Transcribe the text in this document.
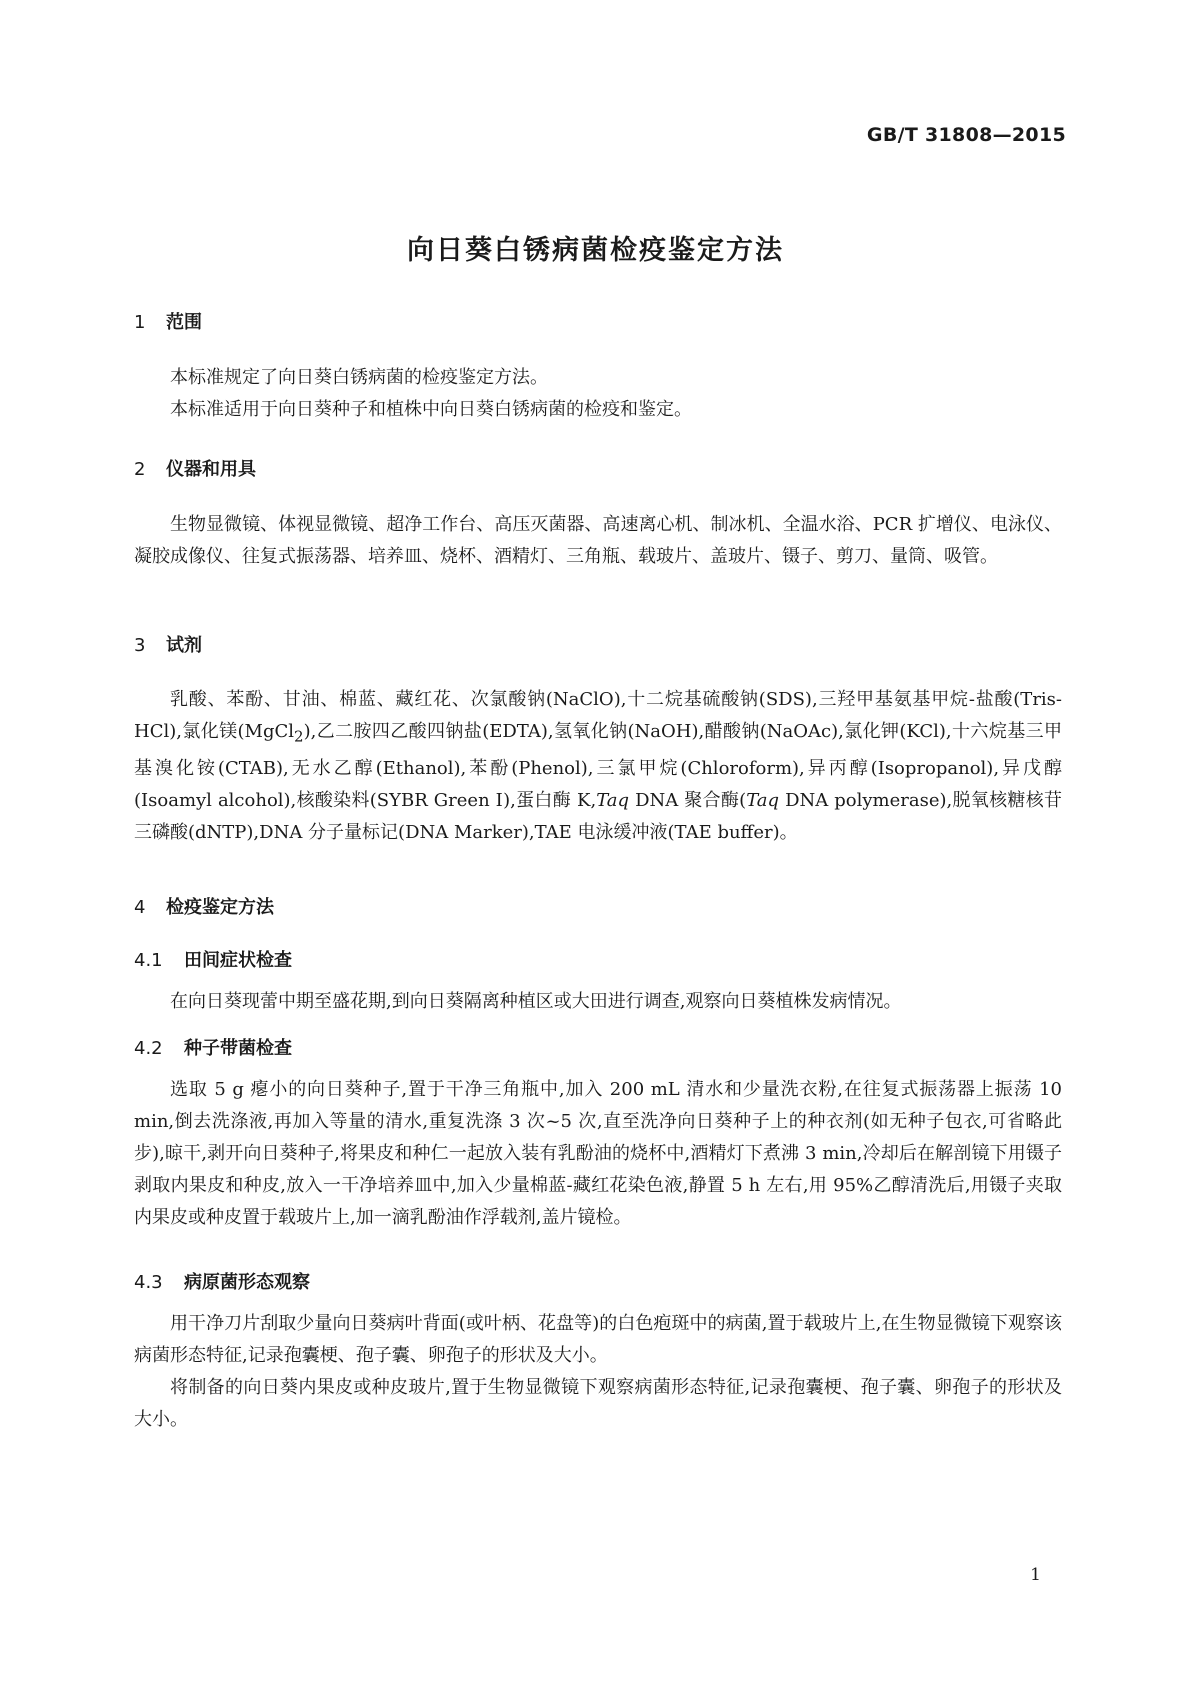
GB/T 31808—2015
向日葵白锈病菌检疫鉴定方法
1 范围

本标准规定了向日葵白锈病菌的检疫鉴定方法。

本标准适用于向日葵种子和植株中向日葵白锈病菌的检疫和鉴定。

2 仪器和用具

生物显微镜、体视显微镜、超净工作台、高压灭菌器、高速离心机、制冰机、全温水浴、PCR 扩增仪、电泳仪、凝胶成像仪、往复式振荡器、培养皿、烧杯、酒精灯、三角瓶、载玻片、盖玻片、镊子、剪刀、量筒、吸管。

3 试剂

乳酸、苯酚、甘油、棉蓝、藏红花、次氯酸钠(NaClO),十二烷基硫酸钠(SDS),三羟甲基氨基甲烷-盐酸(Tris-HCl),氯化镁(MgCl$_2$),乙二胺四乙酸四钠盐(EDTA),氢氧化钠(NaOH),醋酸钠(NaOAc),氯化钾(KCl),十六烷基三甲基溴化铵(CTAB),无水乙醇(Ethanol),苯酚(Phenol),三氯甲烷(Chloroform),异丙醇(Isopropanol),异戊醇(Isoamyl alcohol),核酸染料(SYBR Green Ⅰ),蛋白酶 K,Taq DNA 聚合酶(Taq DNA polymerase),脱氧核糖核苷三磷酸(dNTP),DNA 分子量标记(DNA Marker),TAE 电泳缓冲液(TAE buffer)。

4 检疫鉴定方法
4.1 田间症状检查

在向日葵现蕾中期至盛花期,到向日葵隔离种植区或大田进行调查,观察向日葵植株发病情况。

4.2 种子带菌检查

选取 5 g 瘪小的向日葵种子,置于干净三角瓶中,加入 200 mL 清水和少量洗衣粉,在往复式振荡器上振荡 10 min,倒去洗涤液,再加入等量的清水,重复洗涤 3 次~5 次,直至洗净向日葵种子上的种衣剂(如无种子包衣,可省略此步),晾干,剥开向日葵种子,将果皮和种仁一起放入装有乳酚油的烧杯中,酒精灯下煮沸 3 min,冷却后在解剖镜下用镊子剥取内果皮和种皮,放入一干净培养皿中,加入少量棉蓝-藏红花染色液,静置 5 h 左右,用 95%乙醇清洗后,用镊子夹取内果皮或种皮置于载玻片上,加一滴乳酚油作浮载剂,盖片镜检。

4.3 病原菌形态观察

用干净刀片刮取少量向日葵病叶背面(或叶柄、花盘等)的白色疱斑中的病菌,置于载玻片上,在生物显微镜下观察该病菌形态特征,记录孢囊梗、孢子囊、卵孢子的形状及大小。

将制备的向日葵内果皮或种皮玻片,置于生物显微镜下观察病菌形态特征,记录孢囊梗、孢子囊、卵孢子的形状及大小。

1
